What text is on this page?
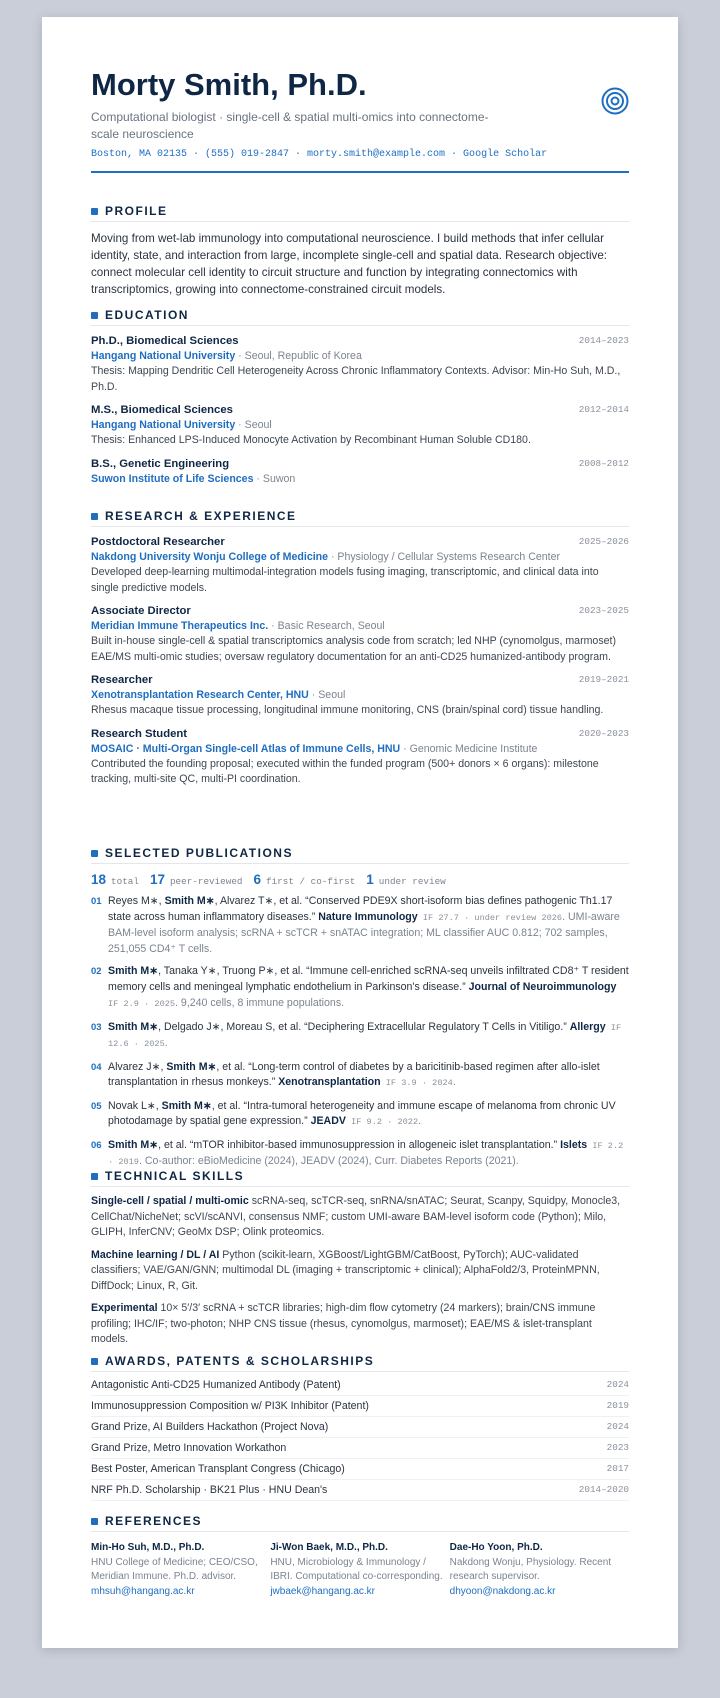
Morty Smith, Ph.D.
Computational biologist · single-cell & spatial multi-omics into connectome-scale neuroscience
Boston, MA 02135 · (555) 019-2847 · morty.smith@example.com · Google Scholar
PROFILE
Moving from wet-lab immunology into computational neuroscience. I build methods that infer cellular identity, state, and interaction from large, incomplete single-cell and spatial data. Research objective: connect molecular cell identity to circuit structure and function by integrating connectomics with transcriptomics, growing into connectome-constrained circuit models.
EDUCATION
Ph.D., Biomedical Sciences	2014–2023
Hangang National University · Seoul, Republic of Korea
Thesis: Mapping Dendritic Cell Heterogeneity Across Chronic Inflammatory Contexts. Advisor: Min-Ho Suh, M.D., Ph.D.
M.S., Biomedical Sciences	2012–2014
Hangang National University · Seoul
Thesis: Enhanced LPS-Induced Monocyte Activation by Recombinant Human Soluble CD180.
B.S., Genetic Engineering	2008–2012
Suwon Institute of Life Sciences · Suwon
RESEARCH & EXPERIENCE
Postdoctoral Researcher	2025–2026
Nakdong University Wonju College of Medicine · Physiology / Cellular Systems Research Center
Developed deep-learning multimodal-integration models fusing imaging, transcriptomic, and clinical data into single predictive models.
Associate Director	2023–2025
Meridian Immune Therapeutics Inc. · Basic Research, Seoul
Built in-house single-cell & spatial transcriptomics analysis code from scratch; led NHP (cynomolgus, marmoset) EAE/MS multi-omic studies; oversaw regulatory documentation for an anti-CD25 humanized-antibody program.
Researcher	2019–2021
Xenotransplantation Research Center, HNU · Seoul
Rhesus macaque tissue processing, longitudinal immune monitoring, CNS (brain/spinal cord) tissue handling.
Research Student	2020–2023
MOSAIC · Multi-Organ Single-cell Atlas of Immune Cells, HNU · Genomic Medicine Institute
Contributed the founding proposal; executed within the funded program (500+ donors × 6 organs): milestone tracking, multi-site QC, multi-PI coordination.
SELECTED PUBLICATIONS
18 total 17 peer-reviewed 6 first / co-first 1 under review
01 Reyes M∗, Smith M∗, Alvarez T∗, et al. “Conserved PDE9X short-isoform bias defines pathogenic Th1.17 state across human inflammatory diseases.” Nature Immunology IF 27.7 · under review 2026. UMI-aware BAM-level isoform analysis; scRNA + scTCR + snATAC integration; ML classifier AUC 0.812; 702 samples, 251,055 CD4⁺ T cells.
02 Smith M∗, Tanaka Y∗, Truong P∗, et al. “Immune cell-enriched scRNA-seq unveils infiltrated CD8⁺ T resident memory cells and meningeal lymphatic endothelium in Parkinson's disease.” Journal of Neuroimmunology IF 2.9 · 2025. 9,240 cells, 8 immune populations.
03 Smith M∗, Delgado J∗, Moreau S, et al. “Deciphering Extracellular Regulatory T Cells in Vitiligo.” Allergy IF 12.6 · 2025.
04 Alvarez J∗, Smith M∗, et al. “Long-term control of diabetes by a baricitinib-based regimen after allo-islet transplantation in rhesus monkeys.” Xenotransplantation IF 3.9 · 2024.
05 Novak L∗, Smith M∗, et al. “Intra-tumoral heterogeneity and immune escape of melanoma from chronic UV photodamage by spatial gene expression.” JEADV IF 9.2 · 2022.
06 Smith M∗, et al. “mTOR inhibitor-based immunosuppression in allogeneic islet transplantation.” Islets IF 2.2 · 2019. Co-author: eBioMedicine (2024), JEADV (2024), Curr. Diabetes Reports (2021).
TECHNICAL SKILLS
Single-cell / spatial / multi-omic scRNA-seq, scTCR-seq, snRNA/snATAC; Seurat, Scanpy, Squidpy, Monocle3, CellChat/NicheNet; scVI/scANVI, consensus NMF; custom UMI-aware BAM-level isoform code (Python); Milo, GLIPH, InferCNV; GeoMx DSP; Olink proteomics.
Machine learning / DL / AI Python (scikit-learn, XGBoost/LightGBM/CatBoost, PyTorch); AUC-validated classifiers; VAE/GAN/GNN; multimodal DL (imaging + transcriptomic + clinical); AlphaFold2/3, ProteinMPNN, DiffDock; Linux, R, Git.
Experimental 10× 5′/3′ scRNA + scTCR libraries; high-dim flow cytometry (24 markers); brain/CNS immune profiling; IHC/IF; two-photon; NHP CNS tissue (rhesus, cynomolgus, marmoset); EAE/MS & islet-transplant models.
AWARDS, PATENTS & SCHOLARSHIPS
Antagonistic Anti-CD25 Humanized Antibody (Patent)	2024
Immunosuppression Composition w/ PI3K Inhibitor (Patent)	2019
Grand Prize, AI Builders Hackathon (Project Nova)	2024
Grand Prize, Metro Innovation Workathon	2023
Best Poster, American Transplant Congress (Chicago)	2017
NRF Ph.D. Scholarship · BK21 Plus · HNU Dean's	2014–2020
REFERENCES
Min-Ho Suh, M.D., Ph.D.
HNU College of Medicine; CEO/CSO, Meridian Immune. Ph.D. advisor.
mhsuh@hangang.ac.kr
Ji-Won Baek, M.D., Ph.D.
HNU, Microbiology & Immunology / IBRI. Computational co-corresponding.
jwbaek@hangang.ac.kr
Dae-Ho Yoon, Ph.D.
Nakdong Wonju, Physiology. Recent research supervisor.
dhyoon@nakdong.ac.kr
